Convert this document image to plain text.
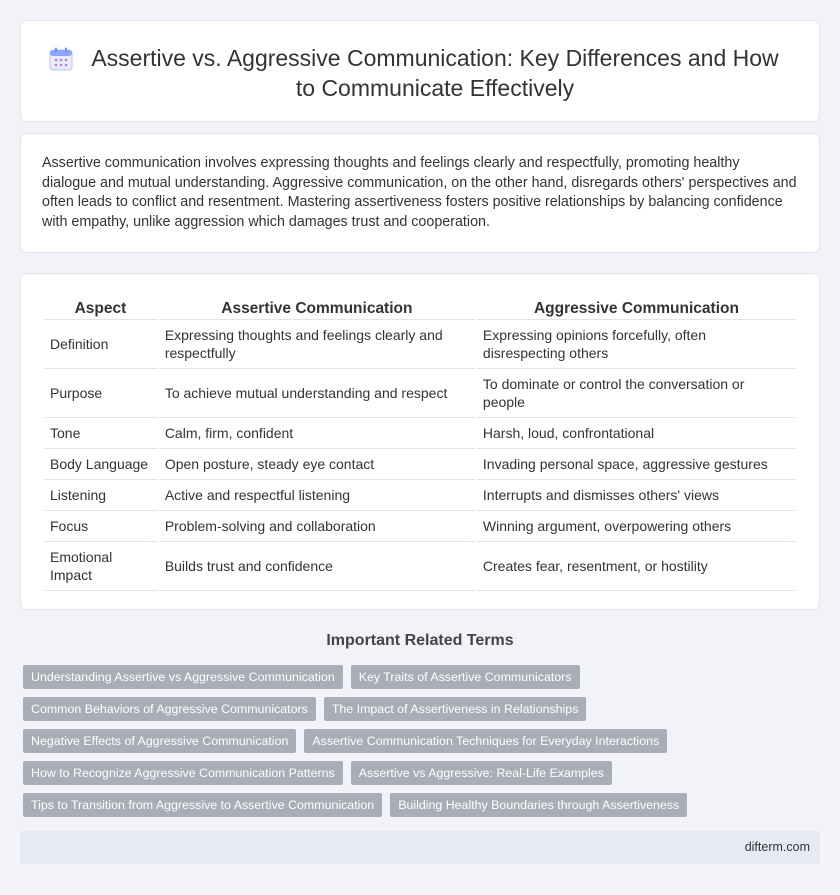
Assertive vs. Aggressive Communication: Key Differences and How to Communicate Effectively

Assertive communication involves expressing thoughts and feelings clearly and respectfully, promoting healthy dialogue and mutual understanding. Aggressive communication, on the other hand, disregards others' perspectives and often leads to conflict and resentment. Mastering assertiveness fosters positive relationships by balancing confidence with empathy, unlike aggression which damages trust and cooperation.

Aspect	Assertive Communication	Aggressive Communication
Definition	Expressing thoughts and feelings clearly and respectfully	Expressing opinions forcefully, often disrespecting others
Purpose	To achieve mutual understanding and respect	To dominate or control the conversation or people
Tone	Calm, firm, confident	Harsh, loud, confrontational
Body Language	Open posture, steady eye contact	Invading personal space, aggressive gestures
Listening	Active and respectful listening	Interrupts and dismisses others' views
Focus	Problem-solving and collaboration	Winning argument, overpowering others
Emotional Impact	Builds trust and confidence	Creates fear, resentment, or hostility
Important Related Terms
Understanding Assertive vs Aggressive Communication	Key Traits of Assertive Communicators
Common Behaviors of Aggressive Communicators	The Impact of Assertiveness in Relationships
Negative Effects of Aggressive Communication	Assertive Communication Techniques for Everyday Interactions
How to Recognize Aggressive Communication Patterns	Assertive vs Aggressive: Real-Life Examples
Tips to Transition from Aggressive to Assertive Communication	Building Healthy Boundaries through Assertiveness
difterm.com
